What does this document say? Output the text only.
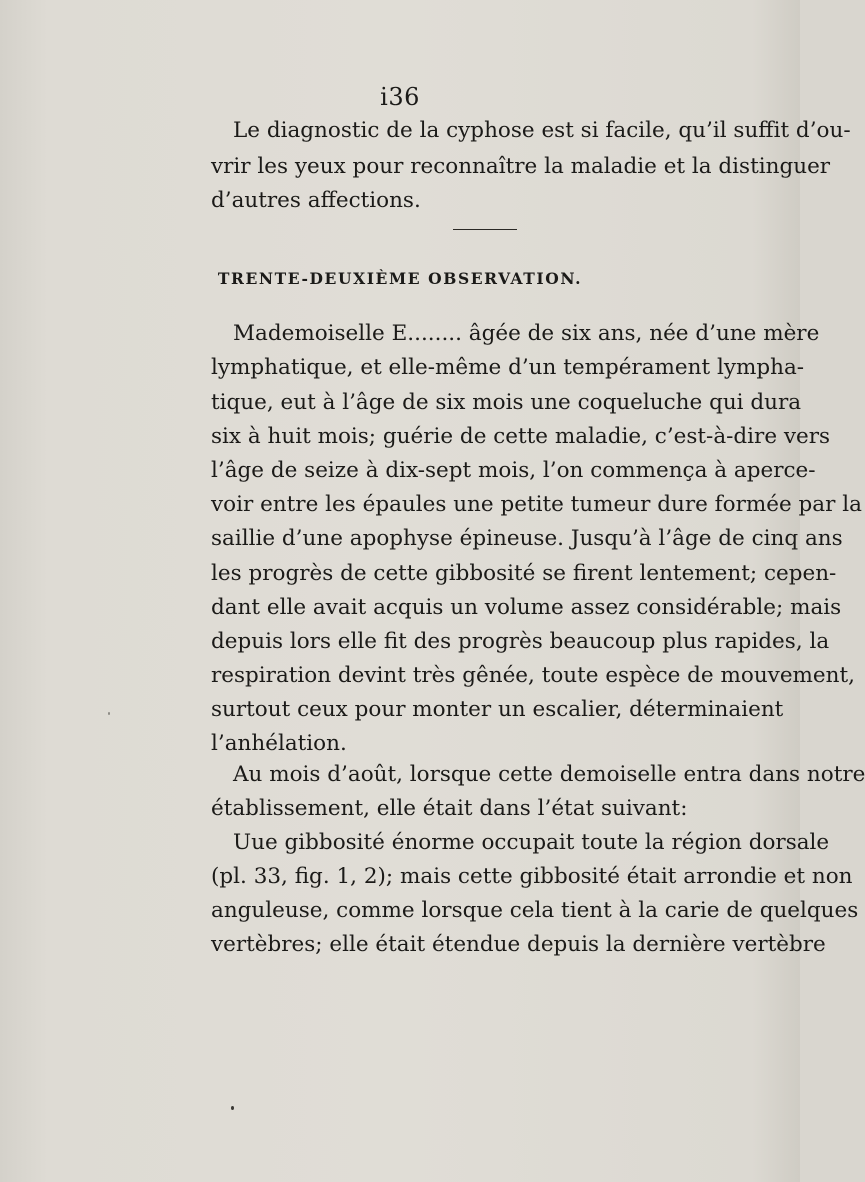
i36
Le diagnostic de la cyphose est si facile, qu’il suffit d’ou-
vrir les yeux pour reconnaître la maladie et la distinguer
d’autres affections.
TRENTE-DEUXIÈME OBSERVATION.
Mademoiselle E........ âgée de six ans, née d’une mère
lymphatique, et elle-même d’un tempérament lympha-
tique, eut à l’âge de six mois une coqueluche qui dura
six à huit mois; guérie de cette maladie, c’est-à-dire vers
l’âge de seize à dix-sept mois, l’on commença à aperce-
voir entre les épaules une petite tumeur dure formée par la
saillie d’une apophyse épineuse. Jusqu’à l’âge de cinq ans
les progrès de cette gibbosité se firent lentement; cepen-
dant elle avait acquis un volume assez considérable; mais
depuis lors elle fit des progrès beaucoup plus rapides, la
respiration devint très gênée, toute espèce de mouvement,
surtout ceux pour monter un escalier, déterminaient
l’anhélation.
Au mois d’août, lorsque cette demoiselle entra dans notre
établissement, elle était dans l’état suivant:
Uue gibbosité énorme occupait toute la région dorsale
(pl. 33, fig. 1, 2); mais cette gibbosité était arrondie et non
anguleuse, comme lorsque cela tient à la carie de quelques
vertèbres; elle était étendue depuis la dernière vertèbre
